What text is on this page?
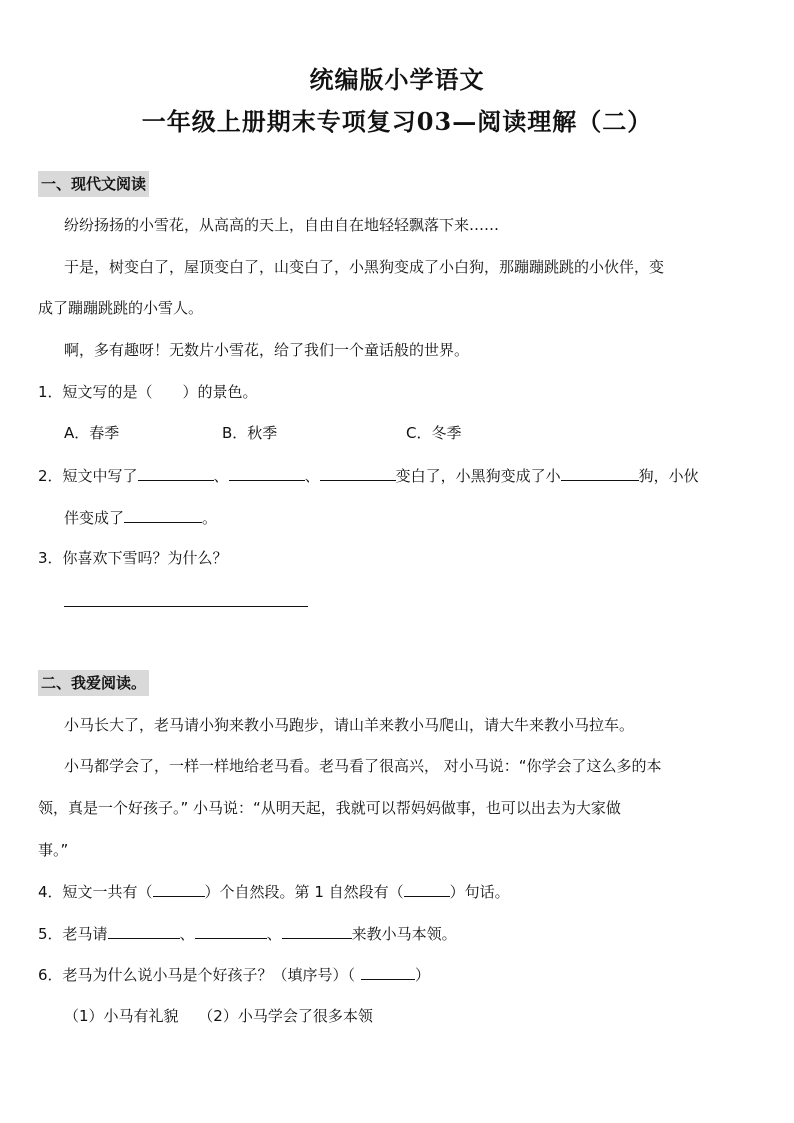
统编版小学语文
一年级上册期末专项复习03—阅读理解（二）
一、现代文阅读
纷纷扬扬的小雪花，从高高的天上，自由自在地轻轻飘落下来……
于是，树变白了，屋顶变白了，山变白了，小黑狗变成了小白狗，那蹦蹦跳跳的小伙伴，变
成了蹦蹦跳跳的小雪人。
啊，多有趣呀！无数片小雪花，给了我们一个童话般的世界。
1．短文写的是（　　）的景色。
A．春季	B．秋季	C．冬季
2．短文中写了	、	、	变白了，小黑狗变成了小	狗，小伙
伴变成了	。
3．你喜欢下雪吗？为什么？
二、我爱阅读。
小马长大了，老马请小狗来教小马跑步，请山羊来教小马爬山，请大牛来教小马拉车。
小马都学会了，一样一样地给老马看。老马看了很高兴， 对小马说：“你学会了这么多的本
领，真是一个好孩子。” 小马说：“从明天起，我就可以帮妈妈做事，也可以出去为大家做
事。”
4．短文一共有（	）个自然段。第 1 自然段有（	）句话。
5．老马请	、	、	来教小马本领。
6．老马为什么说小马是个好孩子？（填序号）（	）
（1）小马有礼貌　 （2）小马学会了很多本领
